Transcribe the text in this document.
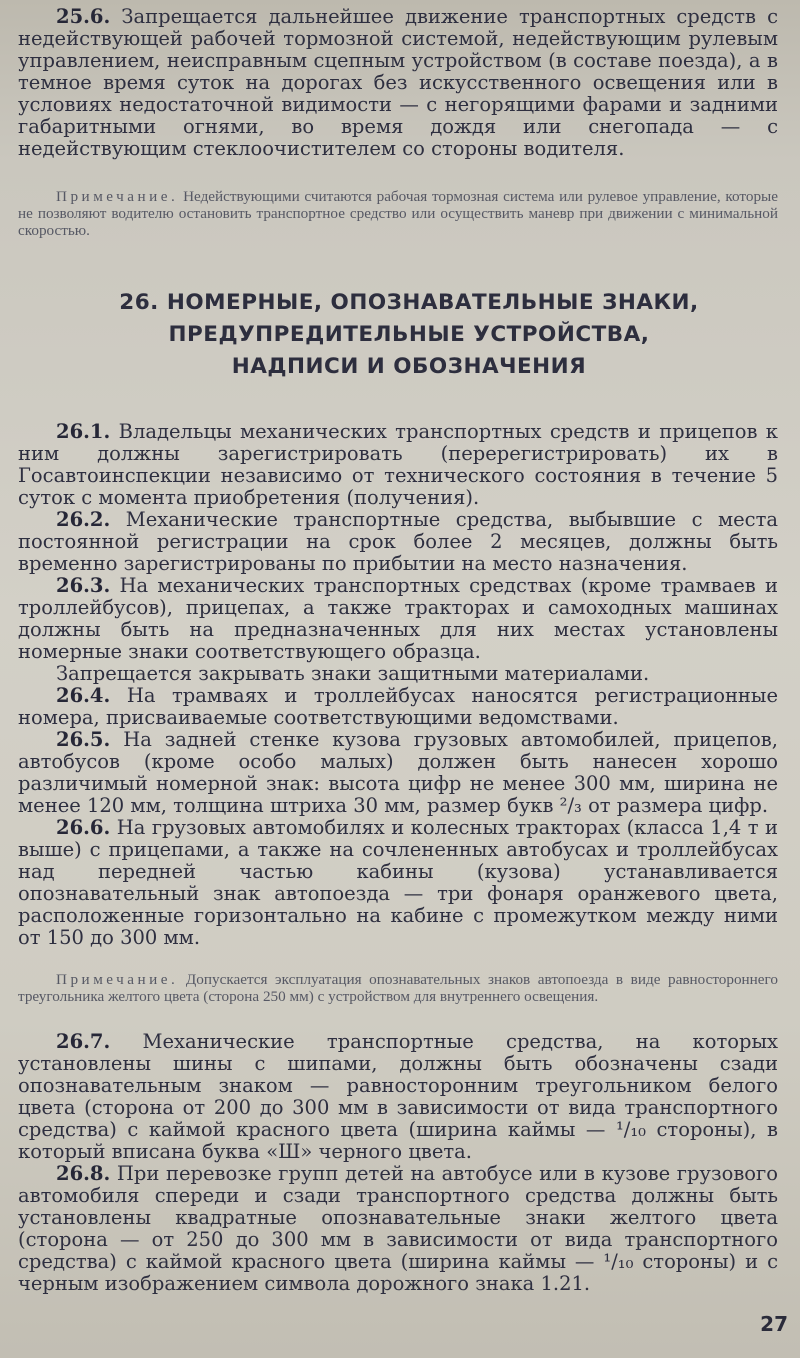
25.6. Запрещается дальнейшее движение транспортных средств с недействующей рабочей тормозной системой, недействующим рулевым управлением, неисправным сцепным устройством (в составе поезда), а в темное время суток на дорогах без искусственного освещения или в условиях недостаточной видимости — с негорящими фарами и задними габаритными огнями, во время дождя или снегопада — с недействующим стеклоочистителем со стороны водителя.

Примечание. Недействующими считаются рабочая тормозная система или рулевое управление, которые не позволяют водителю остановить транспортное средство или осуществить маневр при движении с минимальной скоростью.

26. НОМЕРНЫЕ, ОПОЗНАВАТЕЛЬНЫЕ ЗНАКИ,
ПРЕДУПРЕДИТЕЛЬНЫЕ УСТРОЙСТВА,
НАДПИСИ И ОБОЗНАЧЕНИЯ

26.1. Владельцы механических транспортных средств и прицепов к ним должны зарегистрировать (перерегистрировать) их в Госавтоинспекции независимо от технического состояния в течение 5 суток с момента приобретения (получения).

26.2. Механические транспортные средства, выбывшие с места постоянной регистрации на срок более 2 месяцев, должны быть временно зарегистрированы по прибытии на место назначения.

26.3. На механических транспортных средствах (кроме трамваев и троллейбусов), прицепах, а также тракторах и самоходных машинах должны быть на предназначенных для них местах установлены номерные знаки соответствующего образца.

Запрещается закрывать знаки защитными материалами.

26.4. На трамваях и троллейбусах наносятся регистрационные номера, присваиваемые соответствующими ведомствами.

26.5. На задней стенке кузова грузовых автомобилей, прицепов, автобусов (кроме особо малых) должен быть нанесен хорошо различимый номерной знак: высота цифр не менее 300 мм, ширина не менее 120 мм, толщина штриха 30 мм, размер букв ²/₃ от размера цифр.

26.6. На грузовых автомобилях и колесных тракторах (класса 1,4 т и выше) с прицепами, а также на сочлененных автобусах и троллейбусах над передней частью кабины (кузова) устанавливается опознавательный знак автопоезда — три фонаря оранжевого цвета, расположенные горизонтально на кабине с промежутком между ними от 150 до 300 мм.

Примечание. Допускается эксплуатация опознавательных знаков автопоезда в виде равностороннего треугольника желтого цвета (сторона 250 мм) с устройством для внутреннего освещения.

26.7. Механические транспортные средства, на которых установлены шины с шипами, должны быть обозначены сзади опознавательным знаком — равносторонним треугольником белого цвета (сторона от 200 до 300 мм в зависимости от вида транспортного средства) с каймой красного цвета (ширина каймы — ¹/₁₀ стороны), в который вписана буква «Ш» черного цвета.

26.8. При перевозке групп детей на автобусе или в кузове грузового автомобиля спереди и сзади транспортного средства должны быть установлены квадратные опознавательные знаки желтого цвета (сторона — от 250 до 300 мм в зависимости от вида транспортного средства) с каймой красного цвета (ширина каймы — ¹/₁₀ стороны) и с черным изображением символа дорожного знака 1.21.

27
